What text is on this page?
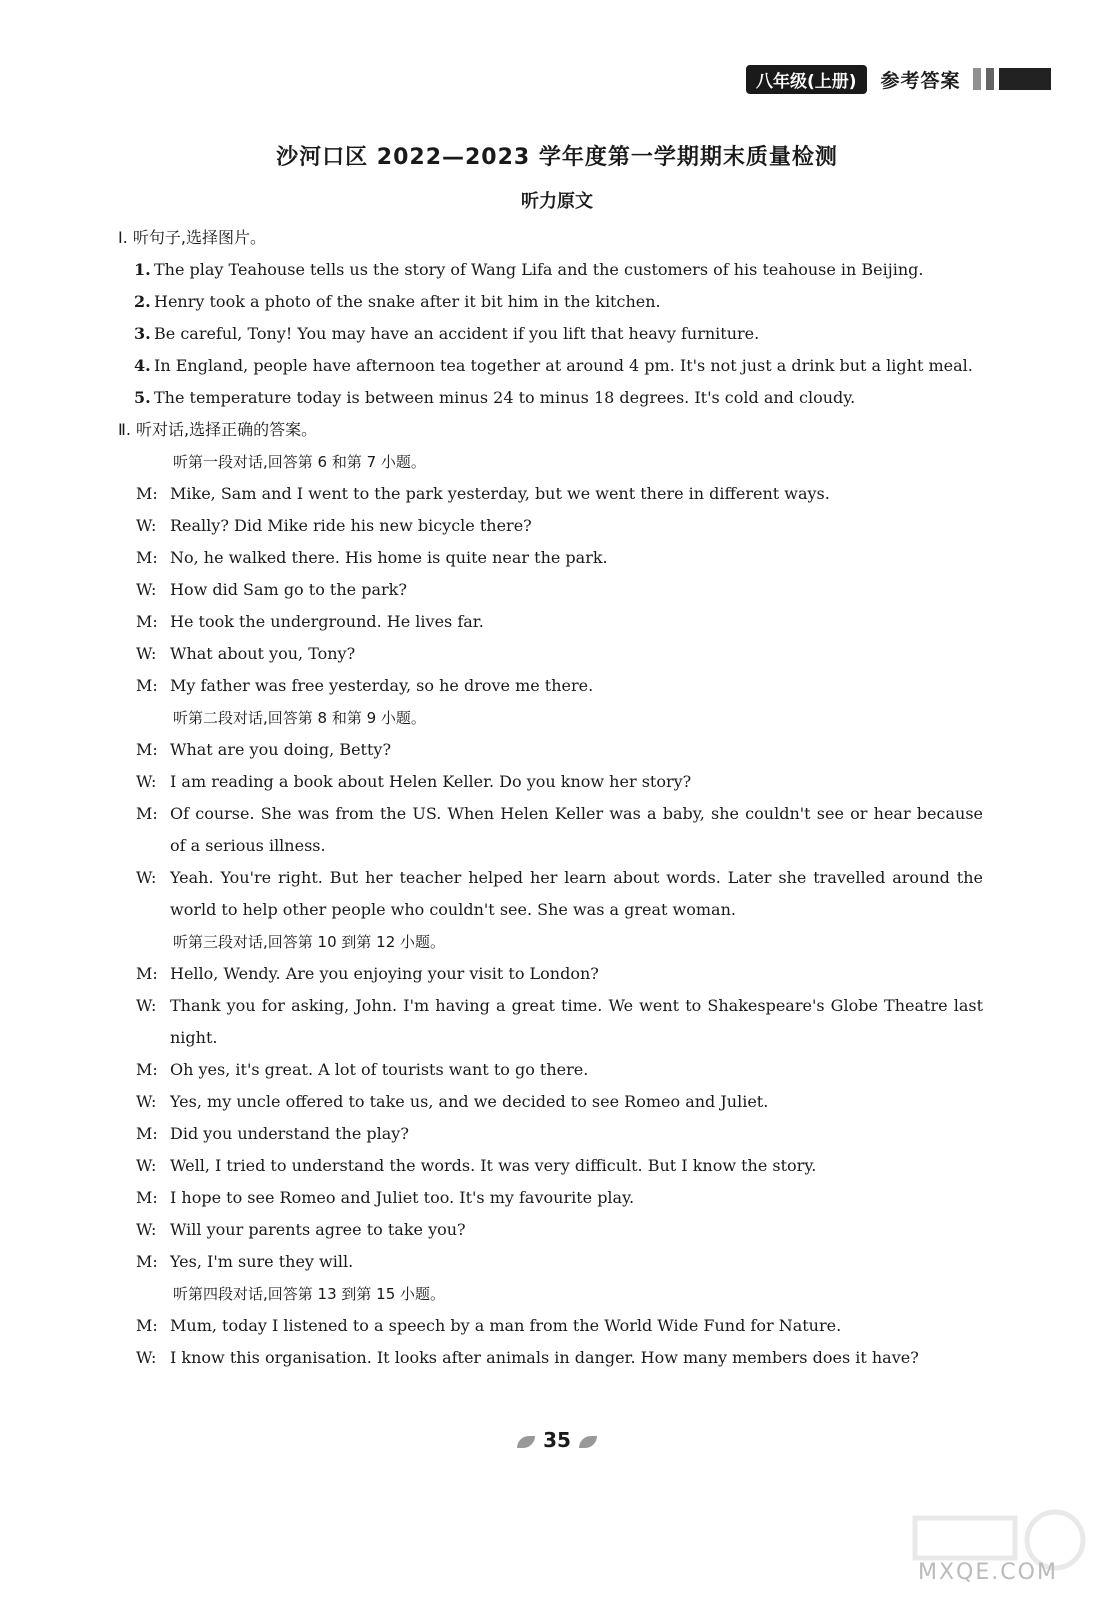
八年级(上册)	参考答案
沙河口区 2022—2023 学年度第一学期期末质量检测
听力原文
Ⅰ. 听句子,选择图片。
1. The play Teahouse tells us the story of Wang Lifa and the customers of his teahouse in Beijing.
2. Henry took a photo of the snake after it bit him in the kitchen.
3. Be careful, Tony! You may have an accident if you lift that heavy furniture.
4. In England, people have afternoon tea together at around 4 pm. It's not just a drink but a light meal.
5. The temperature today is between minus 24 to minus 18 degrees. It's cold and cloudy.
Ⅱ. 听对话,选择正确的答案。
听第一段对话,回答第 6 和第 7 小题。
M: Mike, Sam and I went to the park yesterday, but we went there in different ways.
W: Really? Did Mike ride his new bicycle there?
M: No, he walked there. His home is quite near the park.
W: How did Sam go to the park?
M: He took the underground. He lives far.
W: What about you, Tony?
M: My father was free yesterday, so he drove me there.
听第二段对话,回答第 8 和第 9 小题。
M: What are you doing, Betty?
W: I am reading a book about Helen Keller. Do you know her story?
M: Of course. She was from the US. When Helen Keller was a baby, she couldn't see or hear because of a serious illness.
W: Yeah. You're right. But her teacher helped her learn about words. Later she travelled around the world to help other people who couldn't see. She was a great woman.
听第三段对话,回答第 10 到第 12 小题。
M: Hello, Wendy. Are you enjoying your visit to London?
W: Thank you for asking, John. I'm having a great time. We went to Shakespeare's Globe Theatre last night.
M: Oh yes, it's great. A lot of tourists want to go there.
W: Yes, my uncle offered to take us, and we decided to see Romeo and Juliet.
M: Did you understand the play?
W: Well, I tried to understand the words. It was very difficult. But I know the story.
M: I hope to see Romeo and Juliet too. It's my favourite play.
W: Will your parents agree to take you?
M: Yes, I'm sure they will.
听第四段对话,回答第 13 到第 15 小题。
M: Mum, today I listened to a speech by a man from the World Wide Fund for Nature.
W: I know this organisation. It looks after animals in danger. How many members does it have?
35
MXQE.COM
